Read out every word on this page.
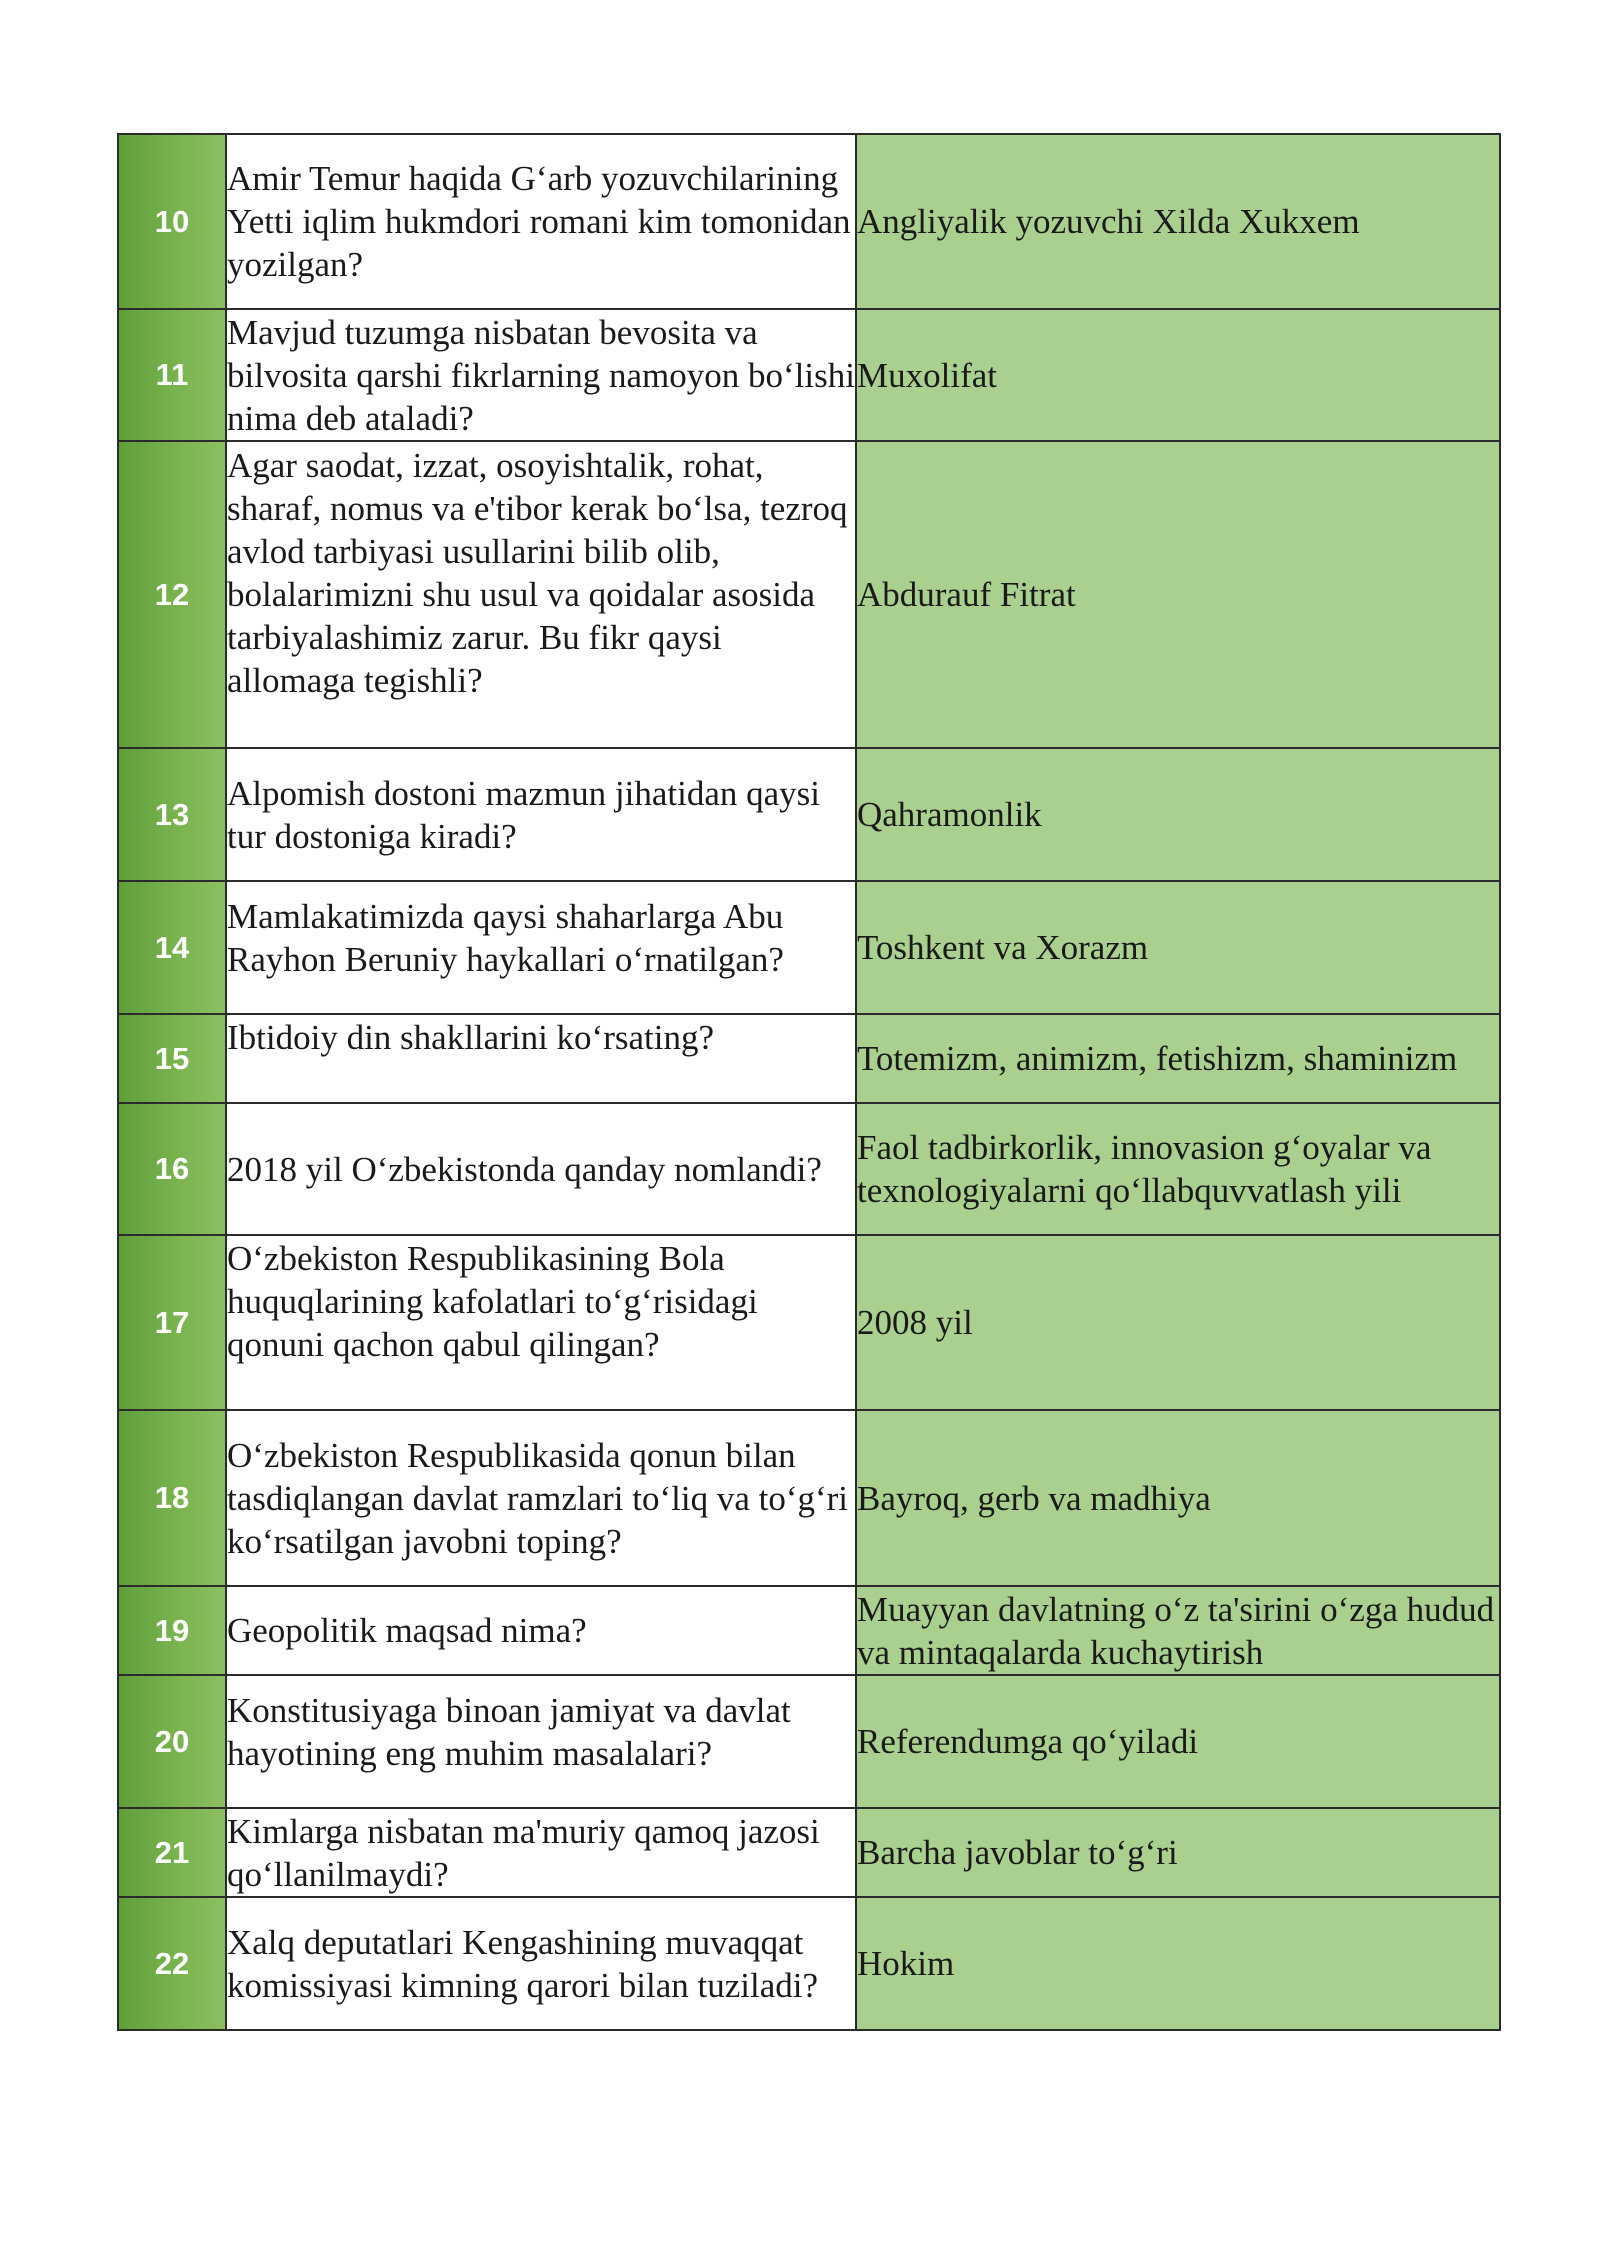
10	Amir Temur haqida G‘arb yozuvchilarining Yetti iqlim hukmdori romani kim tomonidan yozilgan?	Angliyalik yozuvchi Xilda Xukxem
11	Mavjud tuzumga nisbatan bevosita va bilvosita qarshi fikrlarning namoyon bo‘lishi nima deb ataladi?	Muxolifat
12	Agar saodat, izzat, osoyishtalik, rohat, sharaf, nomus va e'tibor kerak bo‘lsa, tezroq avlod tarbiyasi usullarini bilib olib, bolalarimizni shu usul va qoidalar asosida tarbiyalashimiz zarur. Bu fikr qaysi allomaga tegishli?	Abdurauf Fitrat
13	Alpomish dostoni mazmun jihatidan qaysi tur dostoniga kiradi?	Qahramonlik
14	Mamlakatimizda qaysi shaharlarga Abu Rayhon Beruniy haykallari o‘rnatilgan?	Toshkent va Xorazm
15	Ibtidoiy din shakllarini ko‘rsating?	Totemizm, animizm, fetishizm, shaminizm
16	2018 yil O‘zbekistonda qanday nomlandi?	Faol tadbirkorlik, innovasion g‘oyalar va texnologiyalarni qo‘llabquvvatlash yili
17	O‘zbekiston Respublikasining Bola huquqlarining kafolatlari to‘g‘risidagi qonuni qachon qabul qilingan?	2008 yil
18	O‘zbekiston Respublikasida qonun bilan tasdiqlangan davlat ramzlari to‘liq va to‘g‘ri ko‘rsatilgan javobni toping?	Bayroq, gerb va madhiya
19	Geopolitik maqsad nima?	Muayyan davlatning o‘z ta'sirini o‘zga hudud va mintaqalarda kuchaytirish
20	Konstitusiyaga binoan jamiyat va davlat hayotining eng muhim masalalari?	Referendumga qo‘yiladi
21	Kimlarga nisbatan ma'muriy qamoq jazosi qo‘llanilmaydi?	Barcha javoblar to‘g‘ri
22	Xalq deputatlari Kengashining muvaqqat komissiyasi kimning qarori bilan tuziladi?	Hokim
